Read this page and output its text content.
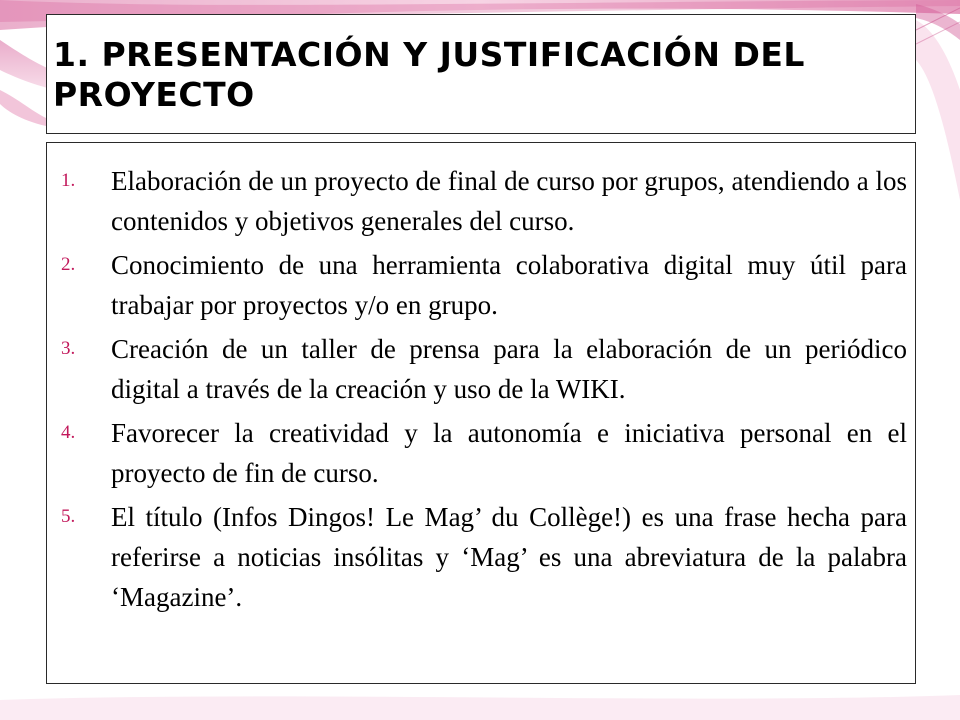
1. PRESENTACIÓN Y JUSTIFICACIÓN DEL PROYECTO
1.	Elaboración de un proyecto de final de curso por grupos, atendiendo a los contenidos y objetivos generales del curso.
2.	Conocimiento de una herramienta colaborativa digital muy útil para trabajar por proyectos y/o en grupo.
3.	Creación de un taller de prensa para la elaboración de un periódico digital a través de la creación y uso de la WIKI.
4.	Favorecer la creatividad y la autonomía e iniciativa personal en el proyecto de fin de curso.
5.	El título (Infos Dingos! Le Mag’ du Collège!) es una frase hecha para referirse a noticias insólitas y ‘Mag’ es una abreviatura de la palabra ‘Magazine’.
